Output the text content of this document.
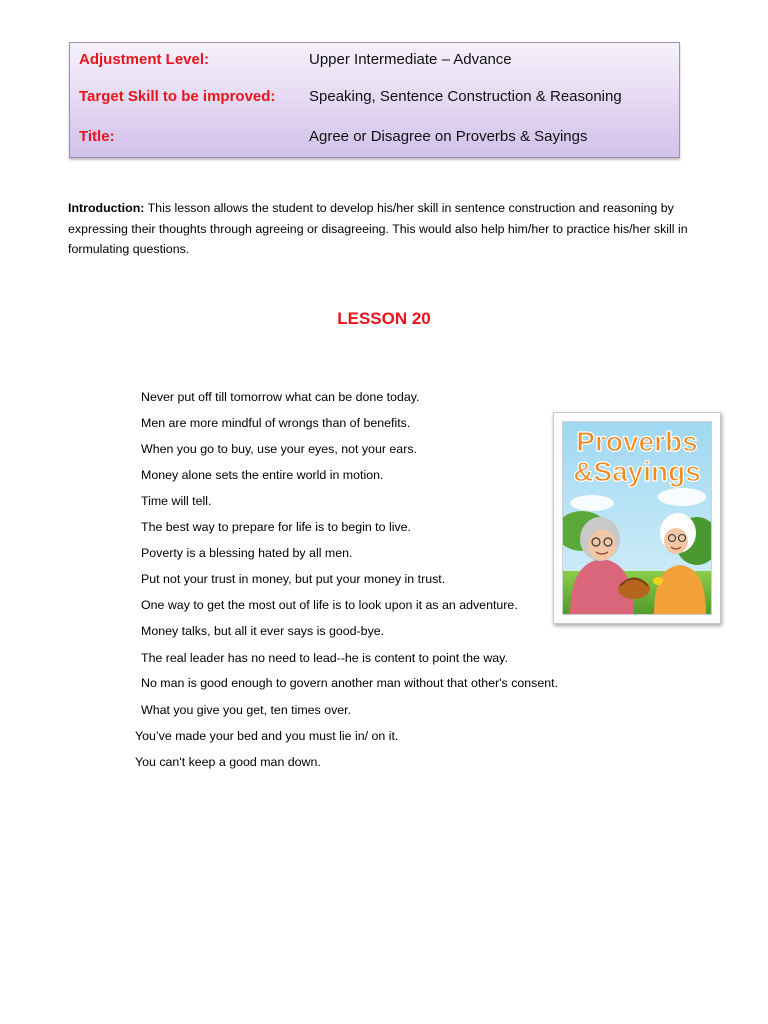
Adjustment Level:	Upper Intermediate – Advance
Target Skill to be improved: Speaking, Sentence Construction & Reasoning
Title:	Agree or Disagree on Proverbs & Sayings

Introduction: This lesson allows the student to develop his/her skill in sentence construction and reasoning by expressing their thoughts through agreeing or disagreeing. This would also help him/her to practice his/her skill in formulating questions.

LESSON 20
Never put off till tomorrow what can be done today.
Men are more mindful of wrongs than of benefits.
When you go to buy, use your eyes, not your ears.
Money alone sets the entire world in motion.
Time will tell.
The best way to prepare for life is to begin to live.
Poverty is a blessing hated by all men.
Put not your trust in money, but put your money in trust.
One way to get the most out of life is to look upon it as an adventure.
Money talks, but all it ever says is good-bye.
The real leader has no need to lead--he is content to point the way.
No man is good enough to govern another man without that other's consent.
What you give you get, ten times over.
You’ve made your bed and you must lie in/ on it.
You can't keep a good man down.
Proverbs
&Sayings
